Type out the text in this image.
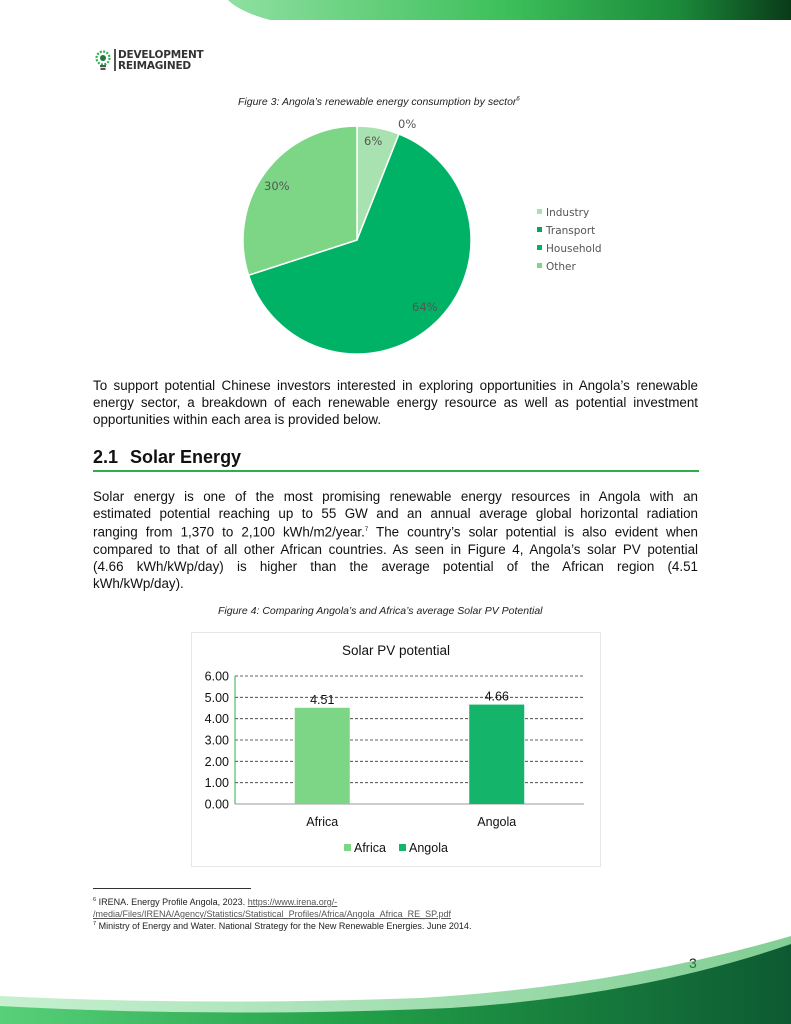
DEVELOPMENT
REIMAGINED
Figure 3: Angola’s renewable energy consumption by sector$^6$
6%
0%
64%
30%
Industry
Transport
Household
Other
To support potential Chinese investors interested in exploring opportunities in Angola’s renewable
energy sector, a breakdown of each renewable energy resource as well as potential investment
opportunities within each area is provided below.
2.1 Solar Energy
Solar energy is one of the most promising renewable energy resources in Angola with an
estimated potential reaching up to 55 GW and an annual average global horizontal radiation
ranging from 1,370 to 2,100 kWh/m2/year.$^7$ The country’s solar potential is also evident when
compared to that of all other African countries. As seen in Figure 4, Angola’s solar PV potential
(4.66 kWh/kWp/day) is higher than the average potential of the African region (4.51
kWh/kWp/day).
Figure 4: Comparing Angola’s and Africa’s average Solar PV Potential
Solar PV potential
0.00
1.00
2.00
3.00
4.00
5.00
6.00
4.51	4.66
Africa	Angola
Africa Angola
$^6$ IRENA. Energy Profile Angola, 2023. https://www.irena.org/-
/media/Files/IRENA/Agency/Statistics/Statistical_Profiles/Africa/Angola_Africa_RE_SP.pdf
$^7$ Ministry of Energy and Water. National Strategy for the New Renewable Energies. June 2014.
